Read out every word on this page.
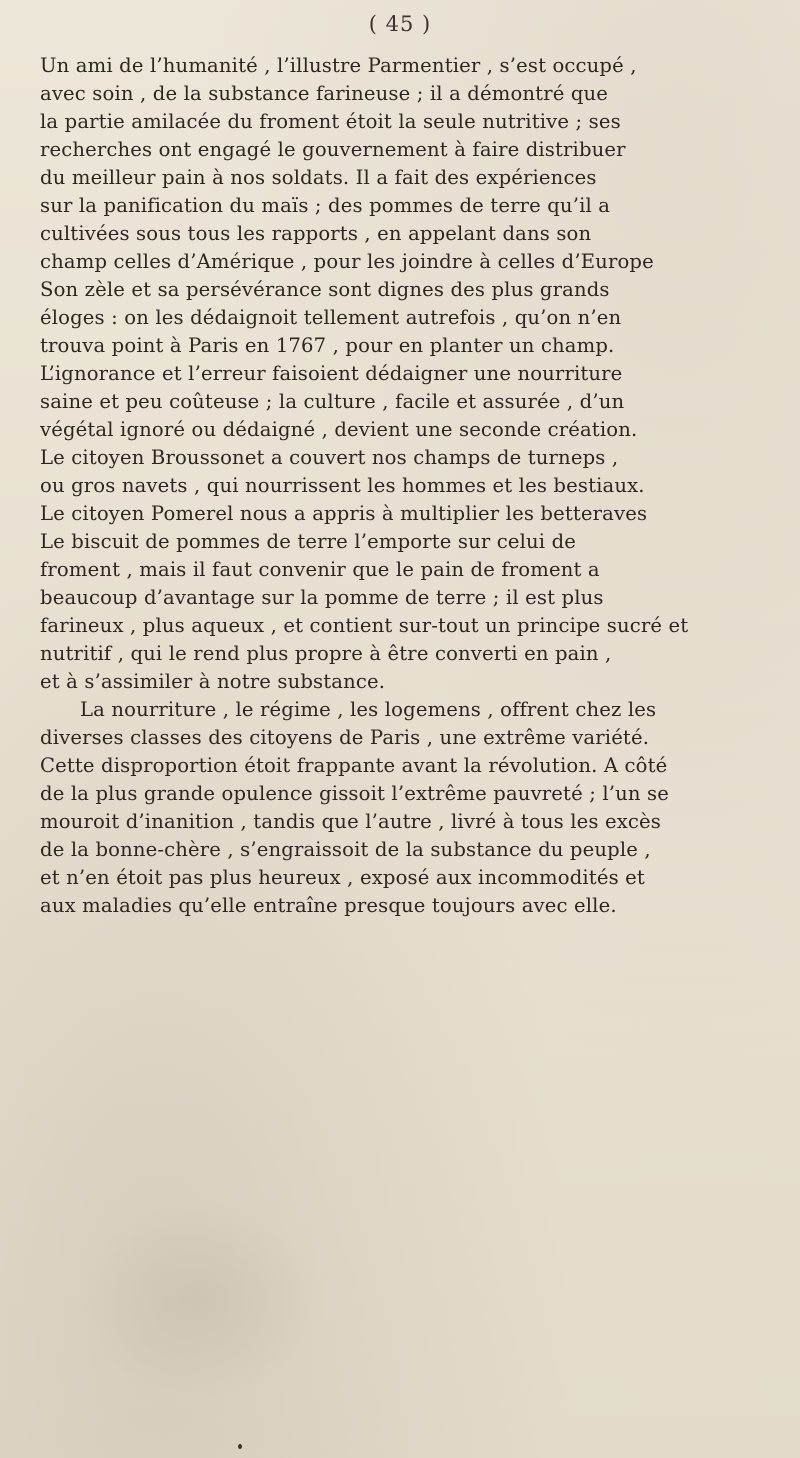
( 45 )
Un ami de l’humanité , l’illustre Parmentier , s’est occupé ,
avec soin , de la substance farineuse ; il a démontré que
la partie amilacée du froment étoit la seule nutritive ; ses
recherches ont engagé le gouvernement à faire distribuer
du meilleur pain à nos soldats. Il a fait des expériences
sur la panification du maïs ; des pommes de terre qu’il a
cultivées sous tous les rapports , en appelant dans son
champ celles d’Amérique , pour les joindre à celles d’Europe
Son zèle et sa persévérance sont dignes des plus grands
éloges : on les dédaignoit tellement autrefois , qu’on n’en
trouva point à Paris en 1767 , pour en planter un champ.
L’ignorance et l’erreur faisoient dédaigner une nourriture
saine et peu coûteuse ; la culture , facile et assurée , d’un
végétal ignoré ou dédaigné , devient une seconde création.
Le citoyen Broussonet a couvert nos champs de turneps ,
ou gros navets , qui nourrissent les hommes et les bestiaux.
Le citoyen Pomerel nous a appris à multiplier les betteraves
Le biscuit de pommes de terre l’emporte sur celui de
froment , mais il faut convenir que le pain de froment a
beaucoup d’avantage sur la pomme de terre ; il est plus
farineux , plus aqueux , et contient sur-tout un principe sucré et
nutritif , qui le rend plus propre à être converti en pain ,
et à s’assimiler à notre substance.
La nourriture , le régime , les logemens , offrent chez les
diverses classes des citoyens de Paris , une extrême variété.
Cette disproportion étoit frappante avant la révolution. A côté
de la plus grande opulence gissoit l’extrême pauvreté ; l’un se
mouroit d’inanition , tandis que l’autre , livré à tous les excès
de la bonne-chère , s’engraissoit de la substance du peuple ,
et n’en étoit pas plus heureux , exposé aux incommodités et
aux maladies qu’elle entraîne presque toujours avec elle.
